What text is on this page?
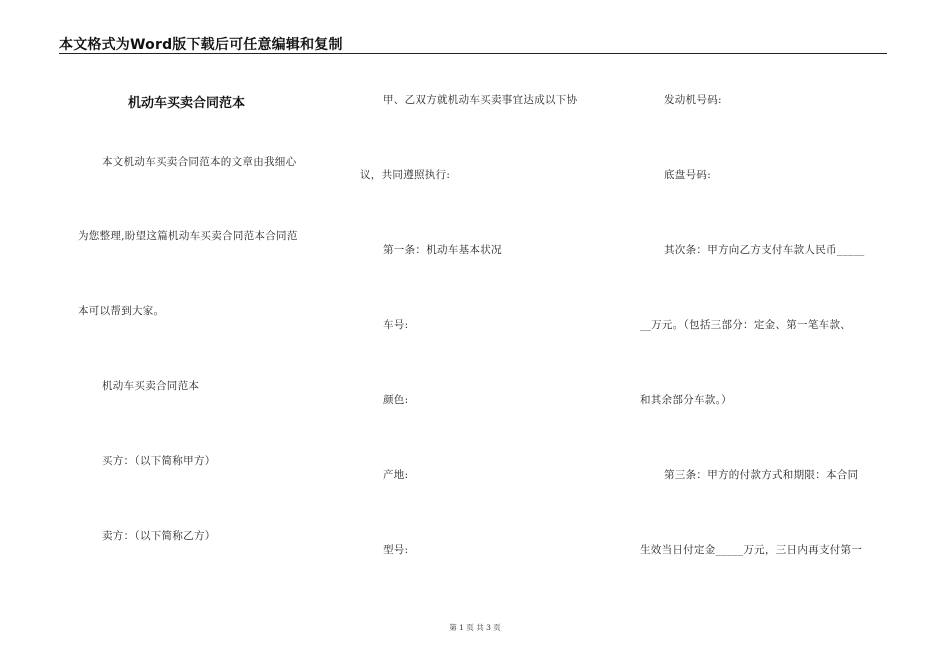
本文格式为Word版下载后可任意编辑和复制
机动车买卖合同范本
本文机动车买卖合同范本的文章由我细心
为您整理,盼望这篇机动车买卖合同范本合同范
本可以帮到大家。
机动车买卖合同范本
买方：（以下简称甲方）
卖方：（以下简称乙方）
甲、乙双方就机动车买卖事宜达成以下协
议，共同遵照执行:
第一条：机动车基本状况
车号:
颜色:
产地:
型号:
发动机号码:
底盘号码:
其次条：甲方向乙方支付车款人民币_____
__万元。（包括三部分：定金、第一笔车款、
和其余部分车款。）
第三条：甲方的付款方式和期限：本合同
生效当日付定金_____万元，三日内再支付第一
第 1 页 共 3 页
